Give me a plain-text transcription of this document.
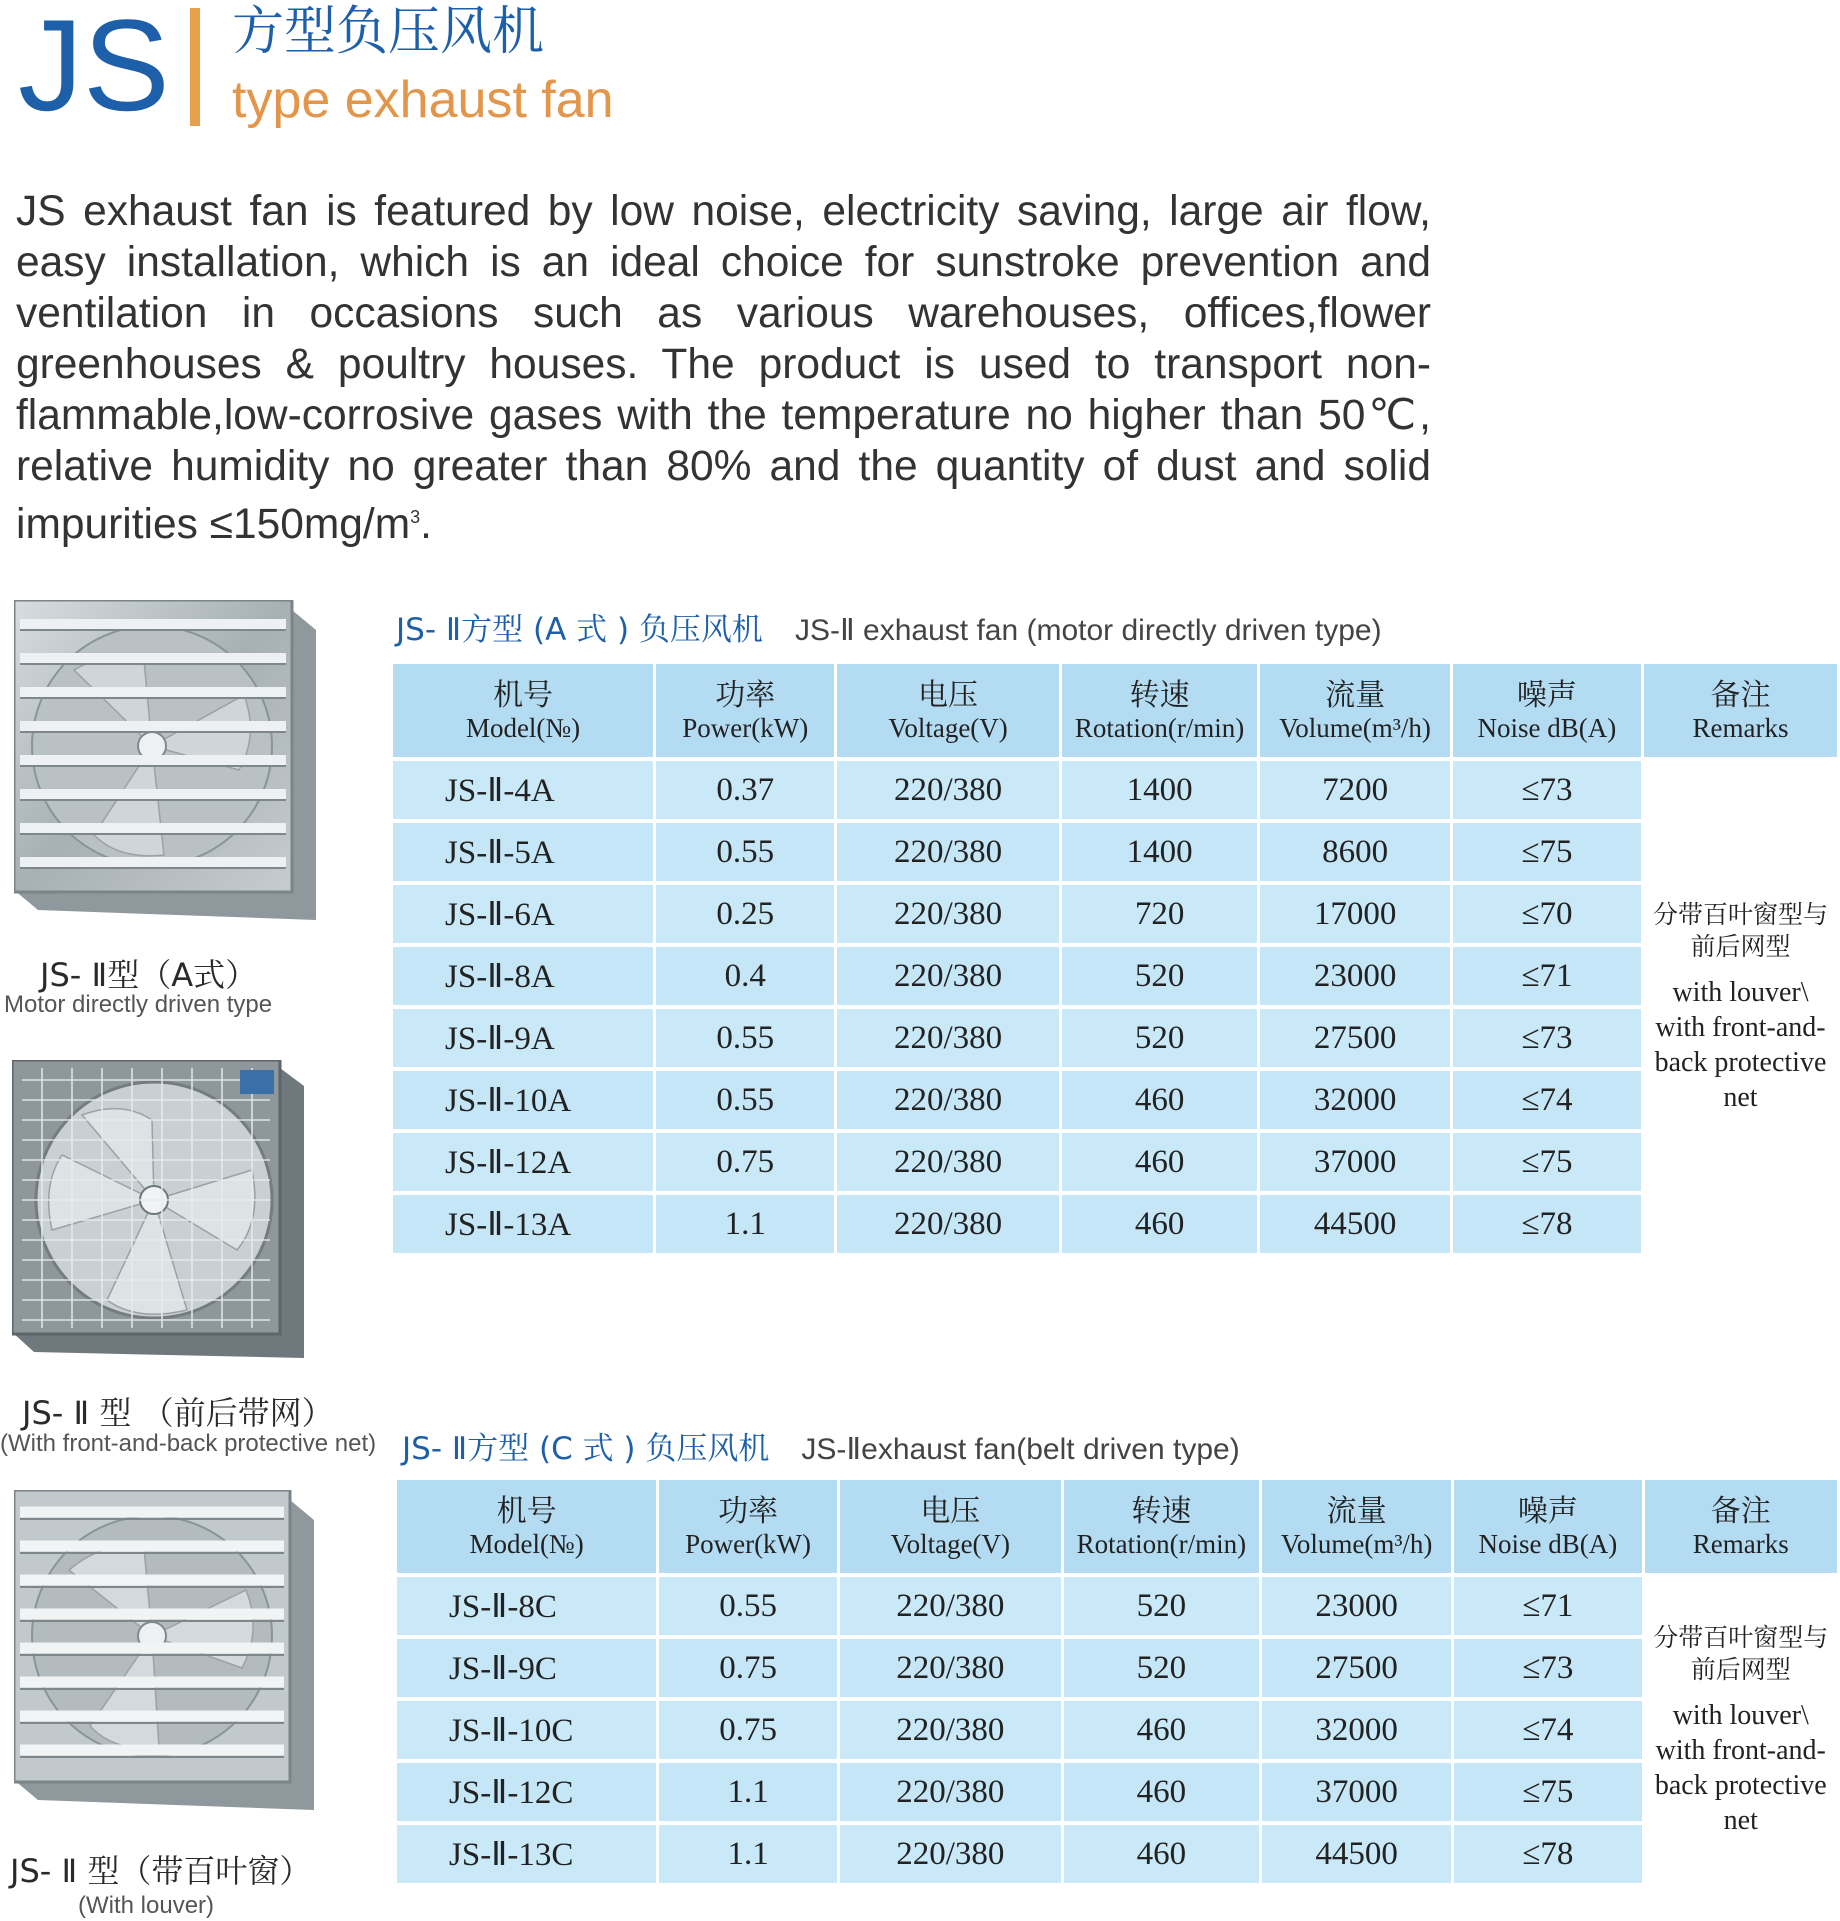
JS 方型负压风机
type exhaust fan
JS exhaust fan is featured by low noise, electricity saving, large air flow, easy installation, which is an ideal choice for sunstroke prevention and ventilation in occasions such as various warehouses, offices,flower greenhouses & poultry houses. The product is used to transport non-flammable,low-corrosive gases with the temperature no higher than 50℃, relative humidity no greater than 80% and the quantity of dust and solid impurities $\le 150mg/m^3$.
JS- Ⅱ型（A式）
Motor directly driven type
JS- Ⅱ 型 （前后带网）
(With front-and-back protective net)
JS- Ⅱ 型（带百叶窗）
(With louver)
JS- Ⅱ方型 (A 式 ) 负压风机 JS-Ⅱ exhaust fan (motor directly driven type)
机号
Model(№)	功率
Power(kW)	电压
Voltage(V)	转速
Rotation(r/min)	流量
Volume(m³/h)	噪声
Noise dB(A)	备注
Remarks

JS-Ⅱ-4A	0.37	220/380	1400	7200	≤73	分带百叶窗型与前后网型
with louver\ with front-and-back protective net

JS-Ⅱ-5A	0.55	220/380	1400	8600	≤75	
JS-Ⅱ-6A	0.25	220/380	720	17000	≤70	
JS-Ⅱ-8A	0.4	220/380	520	23000	≤71	
JS-Ⅱ-9A	0.55	220/380	520	27500	≤73	
JS-Ⅱ-10A	0.55	220/380	460	32000	≤74	
JS-Ⅱ-12A	0.75	220/380	460	37000	≤75	
JS-Ⅱ-13A	1.1	220/380	460	44500	≤78	
JS- Ⅱ方型 (C 式 ) 负压风机 JS-Ⅱexhaust fan(belt driven type)
机号
Model(№)	功率
Power(kW)	电压
Voltage(V)	转速
Rotation(r/min)	流量
Volume(m³/h)	噪声
Noise dB(A)	备注
Remarks

JS-Ⅱ-8C	0.55	220/380	520	23000	≤71	分带百叶窗型与前后网型
with louver\ with front-and-back protective net

JS-Ⅱ-9C	0.75	220/380	520	27500	≤73	
JS-Ⅱ-10C	0.75	220/380	460	32000	≤74	
JS-Ⅱ-12C	1.1	220/380	460	37000	≤75	
JS-Ⅱ-13C	1.1	220/380	460	44500	≤78	
